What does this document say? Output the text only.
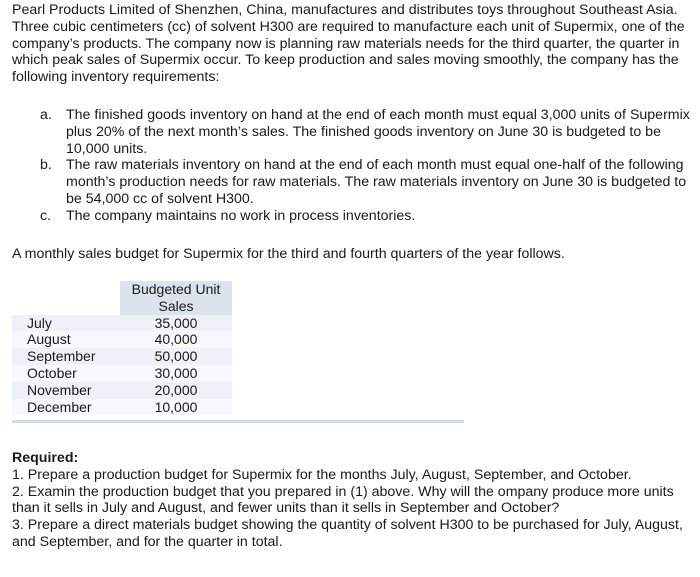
Pearl Products Limited of Shenzhen, China, manufactures and distributes toys throughout Southeast Asia. Three cubic centimeters (cc) of solvent H300 are required to manufacture each unit of Supermix, one of the company’s products. The company now is planning raw materials needs for the third quarter, the quarter in which peak sales of Supermix occur. To keep production and sales moving smoothly, the company has the following inventory requirements:

a. The finished goods inventory on hand at the end of each month must equal 3,000 units of Supermix plus 20% of the next month’s sales. The finished goods inventory on June 30 is budgeted to be 10,000 units.
b. The raw materials inventory on hand at the end of each month must equal one-half of the following month’s production needs for raw materials. The raw materials inventory on June 30 is budgeted to be 54,000 cc of solvent H300.
c.	The company maintains no work in process inventories.

A monthly sales budget for Supermix for the third and fourth quarters of the year follows.

	Budgeted Unit
Sales
July	35,000
August	40,000
September	50,000
October	30,000
November	20,000
December	10,000

Required:

1. Prepare a production budget for Supermix for the months July, August, September, and October.

2. Examin the production budget that you prepared in (1) above. Why will the ompany produce more units than it sells in July and August, and fewer units than it sells in September and October?

3. Prepare a direct materials budget showing the quantity of solvent H300 to be purchased for July, August, and September, and for the quarter in total.
